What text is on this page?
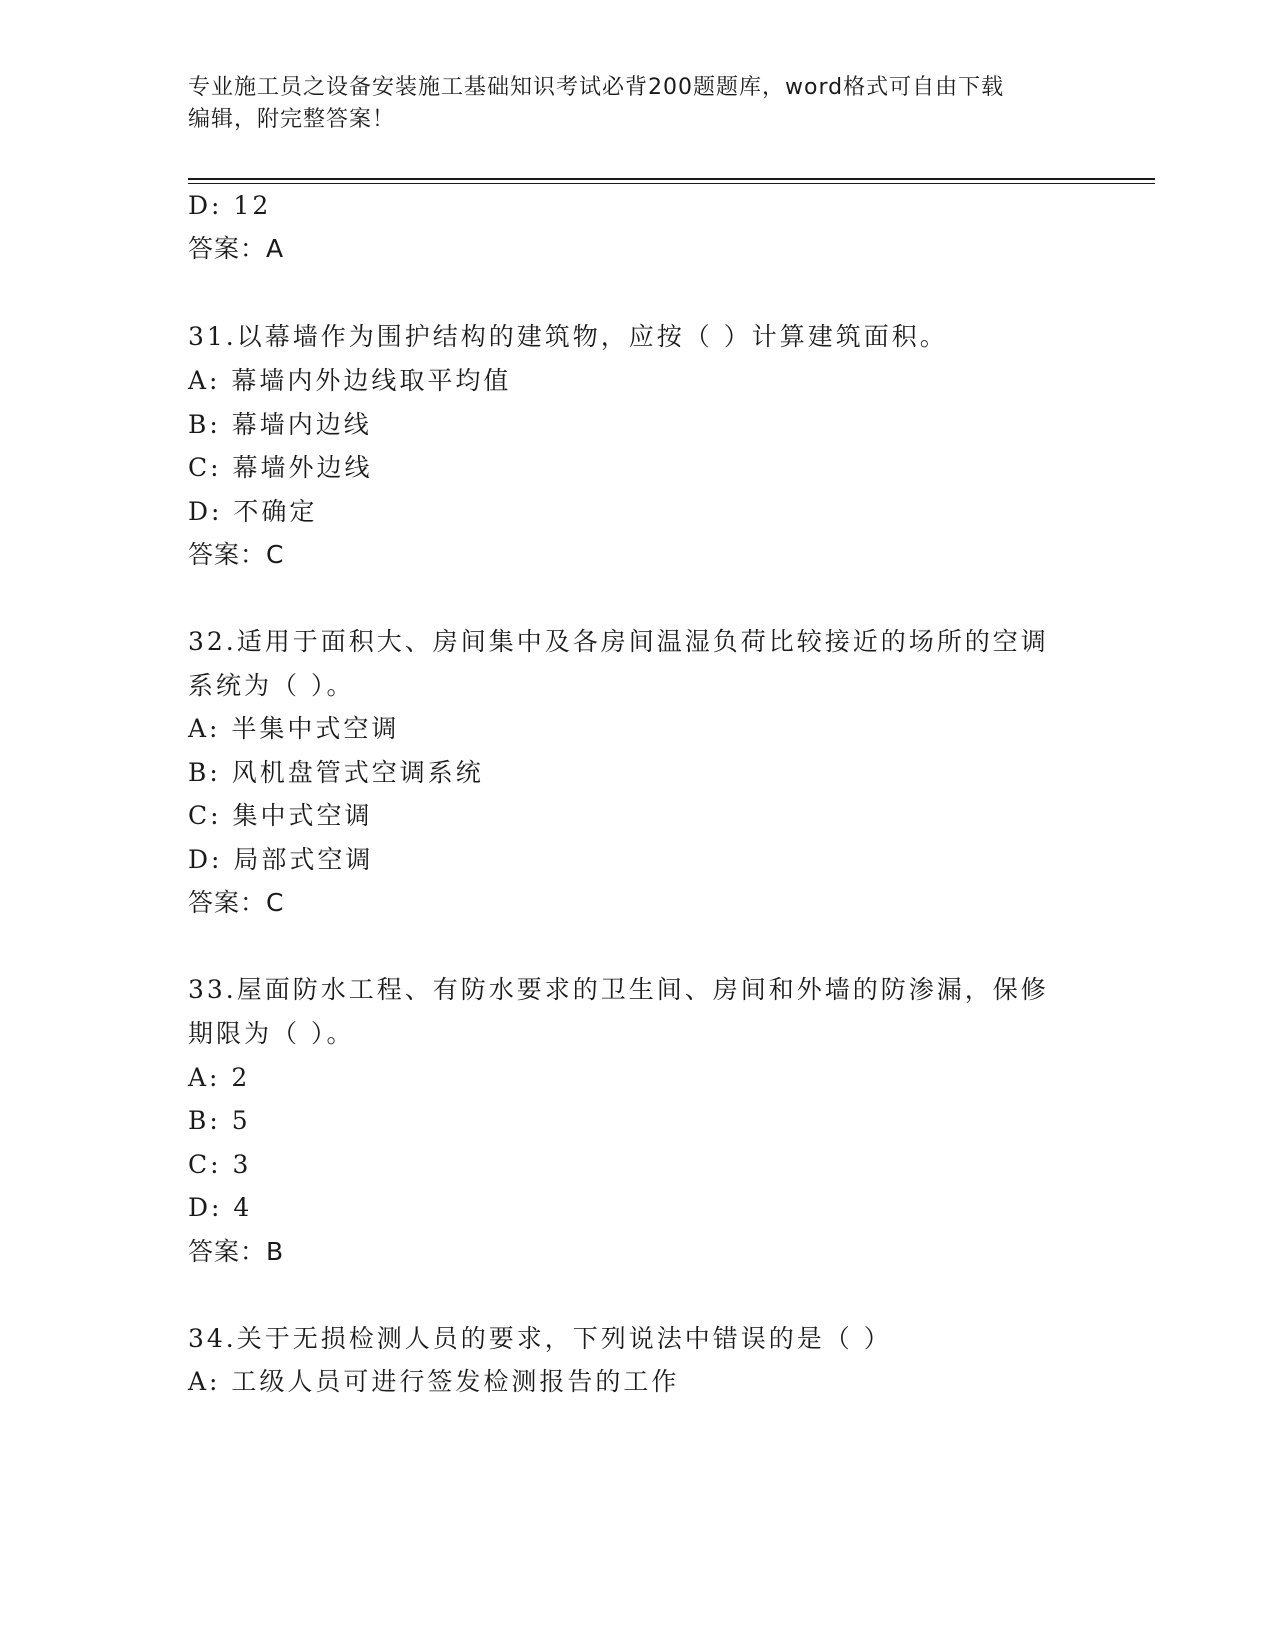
专业施工员之设备安装施工基础知识考试必背200题题库，word格式可自由下载
编辑，附完整答案！
D: 12
答案：A
31.以幕墙作为围护结构的建筑物，应按（ ）计算建筑面积。
A: 幕墙内外边线取平均值
B: 幕墙内边线
C: 幕墙外边线
D: 不确定
答案：C
32.适用于面积大、房间集中及各房间温湿负荷比较接近的场所的空调
系统为（ ）。
A: 半集中式空调
B: 风机盘管式空调系统
C: 集中式空调
D: 局部式空调
答案：C
33.屋面防水工程、有防水要求的卫生间、房间和外墙的防渗漏，保修
期限为（ ）。
A: 2
B: 5
C: 3
D: 4
答案：B
34.关于无损检测人员的要求，下列说法中错误的是（ ）
A: 工级人员可进行签发检测报告的工作
